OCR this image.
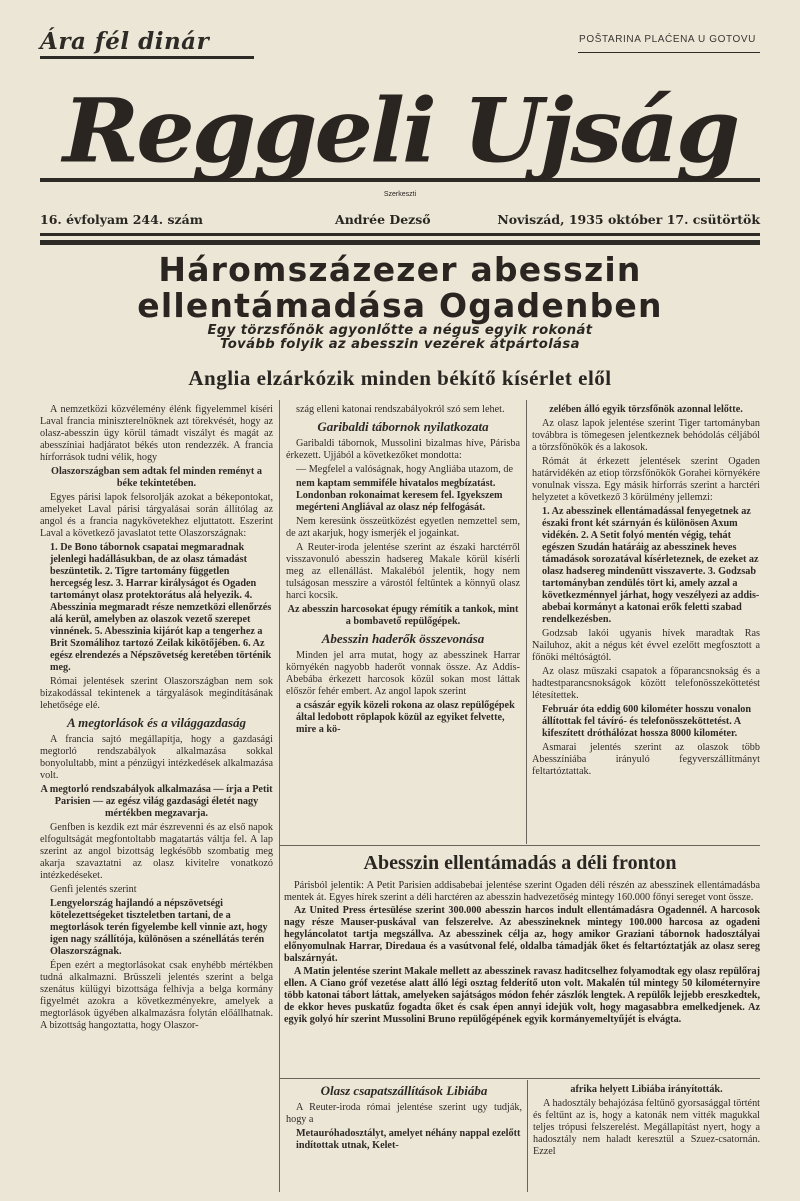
Ára fél dinár	POŠTARINA PLAĆENA U GOTOVU
Reggeli Ujság
Szerkeszti
16. évfolyam 244. szám	Andrée Dezső	Noviszád, 1935 október 17. csütörtök
Háromszázezer abesszin
ellentámadása Ogadenben
Egy törzsfőnök agyonlőtte a négus egyik rokonát
Tovább folyik az abesszin vezérek átpártolása
Anglia elzárkózik minden békítő kísérlet elől

A nemzetközi közvélemény élénk figyelemmel kíséri Laval francia miniszterelnöknek azt törekvését, hogy az olasz-abesszin ügy körül támadt viszályt és magát az abesszíniai hadjáratot békés uton rendezzék. A francia hírforrások tudni vélik, hogy

Olaszországban sem adtak fel minden reményt a béke tekintetében.

Egyes párisi lapok felsorolják azokat a békepontokat, amelyeket Laval párisi tárgyalásai során állítólag az angol és a francia nagykövetekhez eljuttatott. Eszerint Laval a következő javaslatot tette Olaszországnak:

1. De Bono tábornok csapatai megmaradnak jelenlegi hadállásukban, de az olasz támadást beszüntetik. 2. Tigre tartomány független hercegség lesz. 3. Harrar királyságot és Ogaden tartományt olasz protektorátus alá helyezik. 4. Abesszinia megmaradt része nemzetközi ellenőrzés alá kerül, amelyben az olaszok vezető szerepet vinnének. 5. Abesszinia kijárót kap a tengerhez a Brit Szomálihoz tartozó Zeilak kikötőjében. 6. Az egész elrendezés a Népszövetség keretében történik meg.

Római jelentések szerint Olaszországban nem sok bizakodással tekintenek a tárgyalások megindításának lehetősége elé.

A megtorlások és a világgazdaság

A francia sajtó megállapítja, hogy a gazdasági megtorló rendszabályok alkalmazása sokkal bonyolultabb, mint a pénzügyi intézkedések alkalmazása volt.

A megtorló rendszabályok alkalmazása — írja a Petit Parisien — az egész világ gazdasági életét nagy mértékben megzavarja.

Genfben is kezdik ezt már észrevenni és az első napok elfogultságát megfontoltabb magatartás váltja fel. A lap szerint az angol bizottság legkésőbb szombatig meg akarja szavaztatni az olasz kivitelre vonatkozó intézkedéseket.

Genfi jelentés szerint

Lengyelország hajlandó a népszövetségi kötelezettségeket tiszteletben tartani, de a megtorlások terén figyelembe kell vinnie azt, hogy igen nagy szállítója, különösen a szénellátás terén Olaszországnak.

Épen ezért a megtorlásokat csak enyhébb mértékben tudná alkalmazni. Brüsszeli jelentés szerint a belga szenátus külügyi bizottsága felhívja a belga kormány figyelmét azokra a következményekre, amelyek a megtorlások ügyében alkalmazásra folytán előállhatnak. A bizottság hangoztatta, hogy Olaszor-

szág elleni katonai rendszabályokról szó sem lehet.

Garibaldi tábornok nyilatkozata

Garibaldi tábornok, Mussolini bizalmas híve, Párisba érkezett. Ujjából a következőket mondotta:

— Megfelel a valóságnak, hogy Angliába utazom, de

nem kaptam semmiféle hivatalos megbízatást. Londonban rokonaimat keresem fel. Igyekszem megérteni Angliával az olasz nép felfogását.

Nem keresünk összeütközést egyetlen nemzettel sem, de azt akarjuk, hogy ismerjék el jogainkat.

A Reuter-iroda jelentése szerint az északi harctérről visszavonuló abesszin hadsereg Makale körül kísérli meg az ellenállást. Makaléból jelentik, hogy nem tulságosan messzire a várostól feltűntek a könnyű olasz harci kocsik.

Az abesszin harcosokat épugy rémítik a tankok, mint a bombavető repülőgépek.

Abesszin haderők összevonása

Minden jel arra mutat, hogy az abesszinek Harrar környékén nagyobb haderőt vonnak össze. Az Addis-Abebába érkezett harcosok közül sokan most láttak először fehér embert. Az angol lapok szerint

a császár egyik közeli rokona az olasz repülőgépek által ledobott röplapok közül az egyiket felvette, mire a kö-

zelében álló egyik törzsfőnök azonnal lelőtte.

Az olasz lapok jelentése szerint Tiger tartományban továbbra is tömegesen jelentkeznek behódolás céljából a törzsfőnökök és a lakosok.

Rómát át érkezett jelentések szerint Ogaden határvidékén az etiop törzsfőnökök Gorahei környékére vonulnak vissza. Egy másik hírforrás szerint a harctéri helyzetet a következő 3 körülmény jellemzi:

1. Az abesszinek ellentámadással fenyegetnek az északi front két szárnyán és különösen Axum vidékén. 2. A Setit folyó mentén végig, tehát egészen Szudán határáig az abesszinek heves támadások sorozatával kísérleteznek, de ezeket az olasz hadsereg mindenütt visszaverte. 3. Godzsab tartományban zendülés tört ki, amely azzal a következménnyel járhat, hogy veszélyezi az addis-abebai kormányt a katonai erők feletti szabad rendelkezésben.

Godzsab lakói ugyanis hívek maradtak Ras Nailuhoz, akit a négus két évvel ezelőtt megfosztott a főnöki méltóságtól.

Az olasz műszaki csapatok a főparancsnokság és a hadtestparancsnokságok között telefonösszeköttetést létesítettek.

Február óta eddig 600 kilométer hosszu vonalon állítottak fel távíró- és telefonösszeköttetést. A kifeszített dróthálózat hossza 8000 kilométer.

Asmarai jelentés szerint az olaszok több Abesszíniába irányuló fegyverszállítmányt feltartóztattak.

Abesszin ellentámadás a déli fronton

Párisból jelentik: A Petit Parisien addisabebai jelentése szerint Ogaden déli részén az abesszinek ellentámadásba mentek át. Egyes hírek szerint a déli harctéren az abesszin hadvezetőség mintegy 160.000 főnyi sereget vont össze.

Az United Press értesülése szerint 300.000 abesszin harcos indult ellentámadásra Ogadennél. A harcosok nagy része Mauser-puskával van felszerelve. Az abesszineknek mintegy 100.000 harcosa az ogadeni hegyláncolatot tartja megszállva. Az abesszinek célja az, hogy amikor Graziani tábornok hadosztályai előnyomulnak Harrar, Diredaua és a vasútvonal felé, oldalba támadják őket és feltartóztatják az olasz sereg balszárnyát.

A Matin jelentése szerint Makale mellett az abesszinek ravasz haditcselhez folyamodtak egy olasz repülőraj ellen. A Ciano gróf vezetése alatt álló légi osztag felderítő uton volt. Makalén túl mintegy 50 kilométernyire több katonai tábort láttak, amelyeken sajátságos módon fehér zászlók lengtek. A repülők lejjebb ereszkedtek, de ekkor heves puskatűz fogadta őket és csak épen annyi idejük volt, hogy magasabbra emelkedjenek. Az egyik golyó hír szerint Mussolini Bruno repülőgépének egyik kormányemeltyűjét is elvágta.

Olasz csapatszállítások Libiába

A Reuter-iroda római jelentése szerint ugy tudják, hogy a

Metauróhadosztályt, amelyet néhány nappal ezelőtt indítottak utnak, Kelet-

afrika helyett Libiába irányították.

A hadosztály behajózása feltűnő gyorsasággal történt és feltűnt az is, hogy a katonák nem vitték magukkal teljes trópusi felszerelést. Megállapítást nyert, hogy a hadosztály nem haladt keresztül a Szuez-csatornán. Ezzel
